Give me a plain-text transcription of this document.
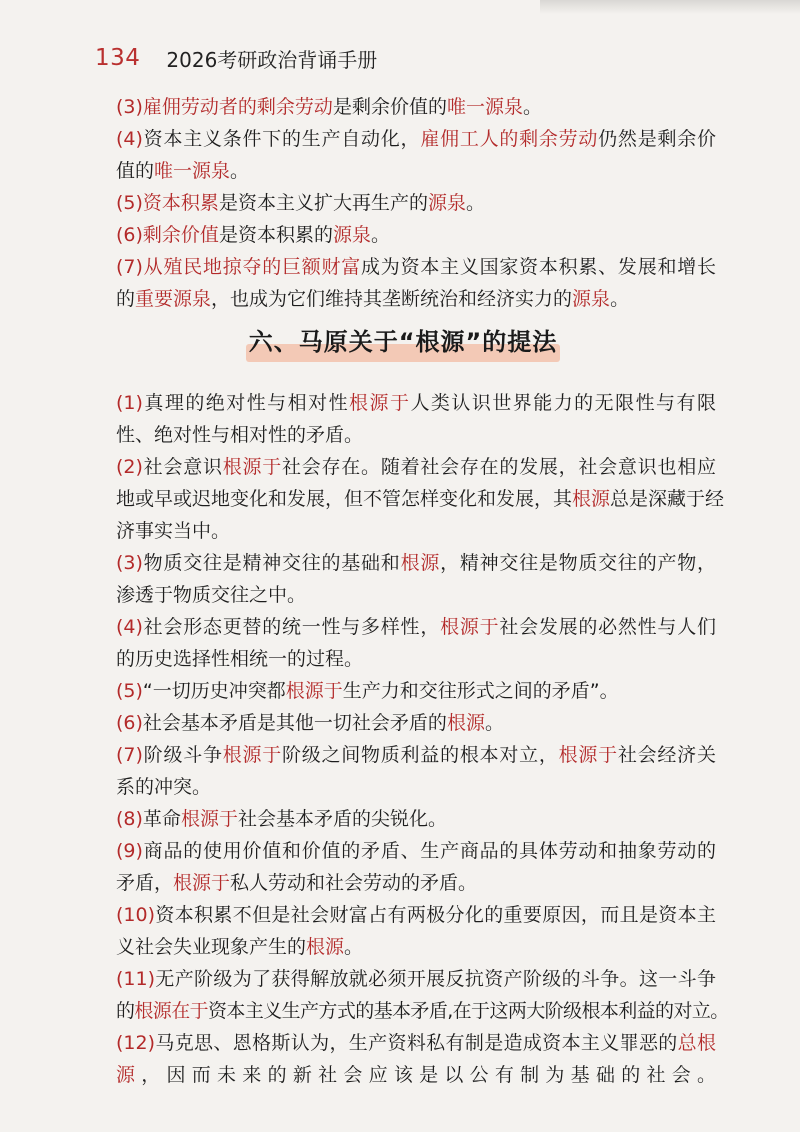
134 2026考研政治背诵手册
(3)雇佣劳动者的剩余劳动是剩余价值的唯一源泉。
(4)资本主义条件下的生产自动化，雇佣工人的剩余劳动仍然是剩余价
值的唯一源泉。
(5)资本积累是资本主义扩大再生产的源泉。
(6)剩余价值是资本积累的源泉。
(7)从殖民地掠夺的巨额财富成为资本主义国家资本积累、发展和增长
的重要源泉，也成为它们维持其垄断统治和经济实力的源泉。
六、马原关于“根源”的提法
(1)真理的绝对性与相对性根源于人类认识世界能力的无限性与有限
性、绝对性与相对性的矛盾。
(2)社会意识根源于社会存在。随着社会存在的发展，社会意识也相应
地或早或迟地变化和发展，但不管怎样变化和发展，其根源总是深藏于经
济事实当中。
(3)物质交往是精神交往的基础和根源，精神交往是物质交往的产物，
渗透于物质交往之中。
(4)社会形态更替的统一性与多样性，根源于社会发展的必然性与人们
的历史选择性相统一的过程。
(5)“一切历史冲突都根源于生产力和交往形式之间的矛盾”。
(6)社会基本矛盾是其他一切社会矛盾的根源。
(7)阶级斗争根源于阶级之间物质利益的根本对立，根源于社会经济关
系的冲突。
(8)革命根源于社会基本矛盾的尖锐化。
(9)商品的使用价值和价值的矛盾、生产商品的具体劳动和抽象劳动的
矛盾，根源于私人劳动和社会劳动的矛盾。
(10)资本积累不但是社会财富占有两极分化的重要原因，而且是资本主
义社会失业现象产生的根源。
(11)无产阶级为了获得解放就必须开展反抗资产阶级的斗争。这一斗争
的根源在于资本主义生产方式的基本矛盾,在于这两大阶级根本利益的对立。
(12)马克思、恩格斯认为，生产资料私有制是造成资本主义罪恶的总根
源，因而未来的新社会应该是以公有制为基础的社会。
